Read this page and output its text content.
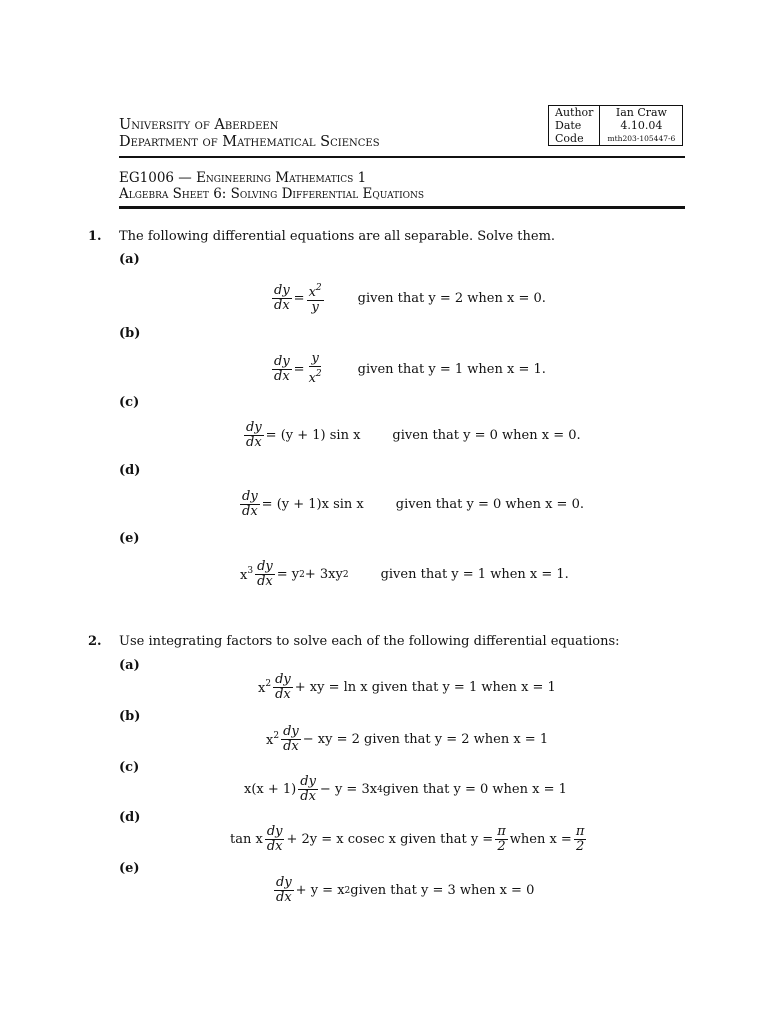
University of Aberdeen
Department of Mathematical Sciences
Author	Ian Craw
Date	4.10.04
Code	mth203-105447-6
EG1006 — Engineering Mathematics 1
Algebra Sheet 6: Solving Differential Equations
1. The following differential equations are all separable. Solve them.
(a)
$\frac{dy}{dx} = \frac{x^2}{y}$	given that y = 2 when x = 0.
(b)
$\frac{dy}{dx} = \frac{y}{x^2}$	given that y = 1 when x = 1.
(c)
$\frac{dy}{dx} = (y + 1)$ sin x given that y = 0 when x = 0.
(d)
$\frac{dy}{dx} = (y + 1)x$ sin x given that y = 0 when x = 0.
(e)
$x^3 \frac{dy}{dx} = y$ 2 + 3xy 2 given that y = 1 when x = 1.
2. Use integrating factors to solve each of the following differential equations:
(a)
$x^2 \frac{dy}{dx}$ + xy = ln x given that y = 1 when x = 1
(b)
$x^2 \frac{dy}{dx}$ − xy = 2 given that y = 2 when x = 1
(c)
$x(x + 1) \frac{dy}{dx} - y = 3x$ 4 given that y = 0 when x = 1
(d)
tan x $\frac{dy}{dx} + 2y = x$ cosec x given that $y = \frac{\pi}{2}$ when $x = \frac{\pi}{2}$
(e)
$\frac{dy}{dx} + y = x$ 2 given that y = 3 when x = 0
